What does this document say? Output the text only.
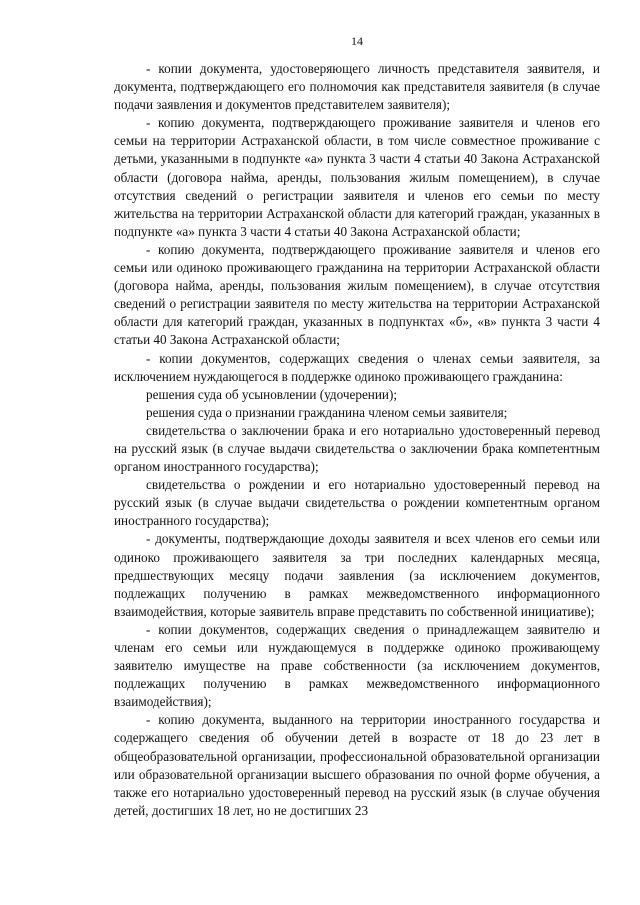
14

- копии документа, удостоверяющего личность представителя заявителя, и документа, подтверждающего его полномочия как представителя заявителя (в случае подачи заявления и документов представителем заявителя);

- копию документа, подтверждающего проживание заявителя и членов его семьи на территории Астраханской области, в том числе совместное проживание с детьми, указанными в подпункте «а» пункта 3 части 4 статьи 40 Закона Астраханской области (договора найма, аренды, пользования жилым помещением), в случае отсутствия сведений о регистрации заявителя и членов его семьи по месту жительства на территории Астраханской области для категорий граждан, указанных в подпункте «а» пункта 3 части 4 статьи 40 Закона Астраханской области;

- копию документа, подтверждающего проживание заявителя и членов его семьи или одиноко проживающего гражданина на территории Астраханской области (договора найма, аренды, пользования жилым помещением), в случае отсутствия сведений о регистрации заявителя по месту жительства на территории Астраханской области для категорий граждан, указанных в подпунктах «б», «в» пункта 3 части 4 статьи 40 Закона Астраханской области;

- копии документов, содержащих сведения о членах семьи заявителя, за исключением нуждающегося в поддержке одиноко проживающего гражданина:

решения суда об усыновлении (удочерении);

решения суда о признании гражданина членом семьи заявителя;

свидетельства о заключении брака и его нотариально удостоверенный перевод на русский язык (в случае выдачи свидетельства о заключении брака компетентным органом иностранного государства);

свидетельства о рождении и его нотариально удостоверенный перевод на русский язык (в случае выдачи свидетельства о рождении компетентным органом иностранного государства);

- документы, подтверждающие доходы заявителя и всех членов его семьи или одиноко проживающего заявителя за три последних календарных месяца, предшествующих месяцу подачи заявления (за исключением документов, подлежащих получению в рамках межведомственного информационного взаимодействия, которые заявитель вправе представить по собственной инициативе);

- копии документов, содержащих сведения о принадлежащем заявителю и членам его семьи или нуждающемуся в поддержке одиноко проживающему заявителю имуществе на праве собственности (за исключением документов, подлежащих получению в рамках межведомственного информационного взаимодействия);

- копию документа, выданного на территории иностранного государства и содержащего сведения об обучении детей в возрасте от 18 до 23 лет в общеобразовательной организации, профессиональной образовательной организации или образовательной организации высшего образования по очной форме обучения, а также его нотариально удостоверенный перевод на русский язык (в случае обучения детей, достигших 18 лет, но не достигших 23
